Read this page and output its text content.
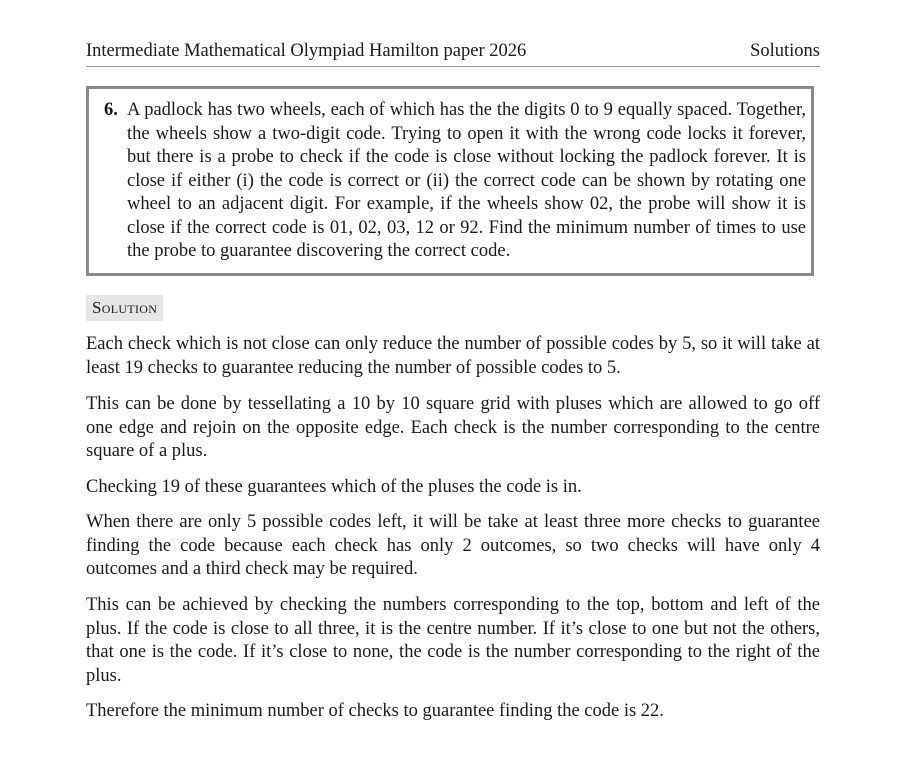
Intermediate Mathematical Olympiad Hamilton paper 2026	Solutions
6. A padlock has two wheels, each of which has the the digits 0 to 9 equally spaced. Together, the wheels show a two-digit code. Trying to open it with the wrong code locks it forever, but there is a probe to check if the code is close without locking the padlock forever. It is close if either (i) the code is correct or (ii) the correct code can be shown by rotating one wheel to an adjacent digit. For example, if the wheels show 02, the probe will show it is close if the correct code is 01, 02, 03, 12 or 92. Find the minimum number of times to use the probe to guarantee discovering the correct code.
Solution

Each check which is not close can only reduce the number of possible codes by 5, so it will take at least 19 checks to guarantee reducing the number of possible codes to 5.

This can be done by tessellating a 10 by 10 square grid with pluses which are allowed to go off one edge and rejoin on the opposite edge. Each check is the number corresponding to the centre square of a plus.

Checking 19 of these guarantees which of the pluses the code is in.

When there are only 5 possible codes left, it will be take at least three more checks to guarantee finding the code because each check has only 2 outcomes, so two checks will have only 4 outcomes and a third check may be required.

This can be achieved by checking the numbers corresponding to the top, bottom and left of the plus. If the code is close to all three, it is the centre number. If it’s close to one but not the others, that one is the code. If it’s close to none, the code is the number corresponding to the right of the plus.

Therefore the minimum number of checks to guarantee finding the code is 22.
